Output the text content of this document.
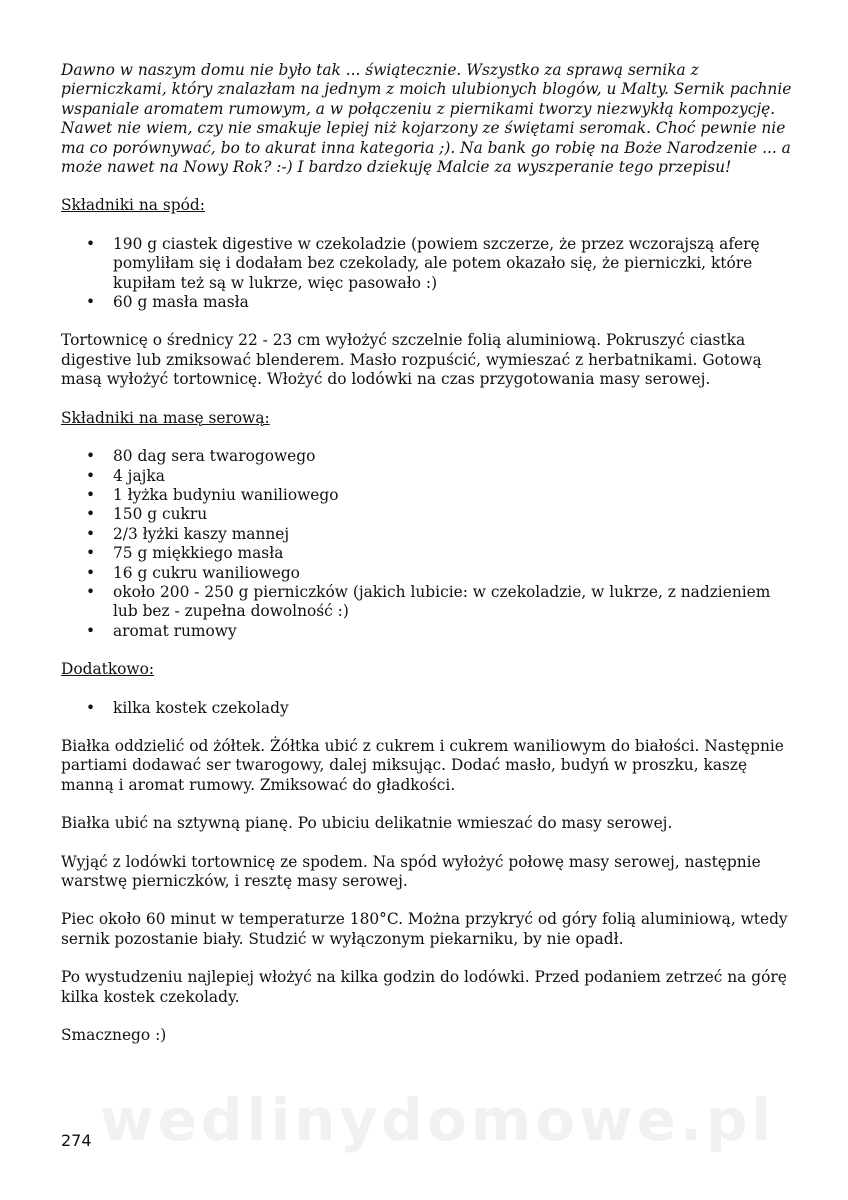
Dawno w naszym domu nie było tak ... świątecznie. Wszystko za sprawą sernika z pierniczkami, który znalazłam na jednym z moich ulubionych blogów, u Malty. Sernik pachnie wspaniale aromatem rumowym, a w połączeniu z piernikami tworzy niezwykłą kompozycję. Nawet nie wiem, czy nie smakuje lepiej niż kojarzony ze świętami seromak. Choć pewnie nie ma co porównywać, bo to akurat inna kategoria ;). Na bank go robię na Boże Narodzenie ... a może nawet na Nowy Rok? :-) I bardzo dziekuję Malcie za wyszperanie tego przepisu!

Składniki na spód:

• 190 g ciastek digestive w czekoladzie (powiem szczerze, że przez wczorajszą aferę pomyliłam się i dodałam bez czekolady, ale potem okazało się, że pierniczki, które kupiłam też są w lukrze, więc pasowało :)
• 60 g masła masła

Tortownicę o średnicy 22 - 23 cm wyłożyć szczelnie folią aluminiową. Pokruszyć ciastka digestive lub zmiksować blenderem. Masło rozpuścić, wymieszać z herbatnikami. Gotową masą wyłożyć tortownicę. Włożyć do lodówki na czas przygotowania masy serowej.

Składniki na masę serową:

• 80 dag sera twarogowego
• 4 jajka
• 1 łyżka budyniu waniliowego
• 150 g cukru
• 2/3 łyżki kaszy mannej
• 75 g miękkiego masła
• 16 g cukru waniliowego
• około 200 - 250 g pierniczków (jakich lubicie: w czekoladzie, w lukrze, z nadzieniem lub bez - zupełna dowolność :)
• aromat rumowy

Dodatkowo:

• kilka kostek czekolady

Białka oddzielić od żółtek. Żółtka ubić z cukrem i cukrem waniliowym do białości. Następnie partiami dodawać ser twarogowy, dalej miksując. Dodać masło, budyń w proszku, kaszę manną i aromat rumowy. Zmiksować do gładkości.

Białka ubić na sztywną pianę. Po ubiciu delikatnie wmieszać do masy serowej.

Wyjąć z lodówki tortownicę ze spodem. Na spód wyłożyć połowę masy serowej, następnie warstwę pierniczków, i resztę masy serowej.

Piec około 60 minut w temperaturze 180°C. Można przykryć od góry folią aluminiową, wtedy sernik pozostanie biały. Studzić w wyłączonym piekarniku, by nie opadł.

Po wystudzeniu najlepiej włożyć na kilka godzin do lodówki. Przed podaniem zetrzeć na górę kilka kostek czekolady.

Smacznego :)

wedlinydomowe.pl
274
